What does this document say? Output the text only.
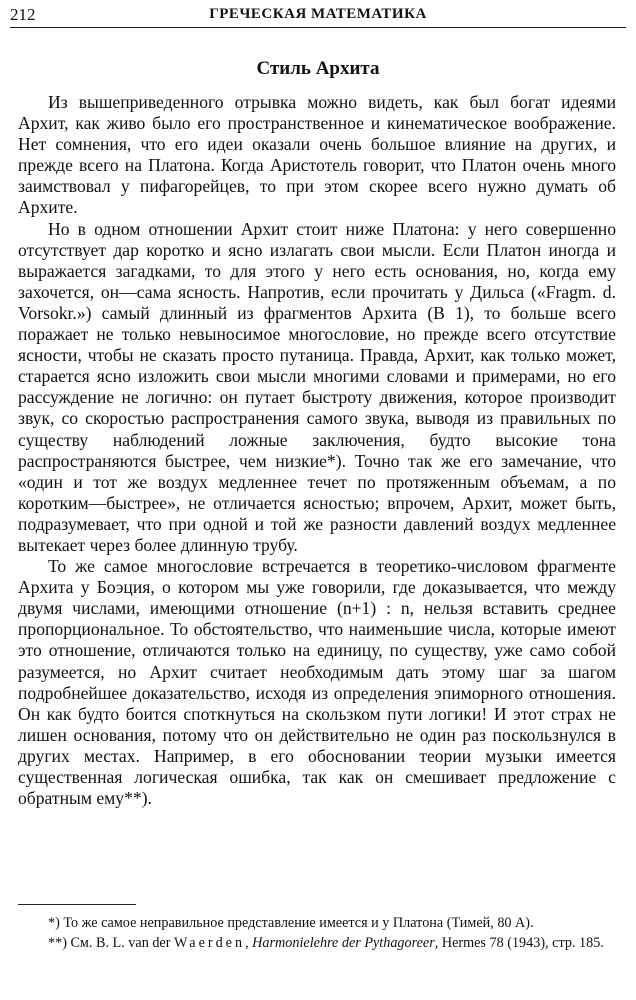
212	ГРЕЧЕСКАЯ МАТЕМАТИКА
Стиль Архита

Из вышеприведенного отрывка можно видеть, как был богат идеями Архит, как живо было его пространственное и кинематическое воображение. Нет сомнения, что его идеи оказали очень большое влияние на других, и прежде всего на Платона. Когда Аристотель говорит, что Платон очень много заимствовал у пифагорейцев, то при этом скорее всего нужно думать об Архите.

Но в одном отношении Архит стоит ниже Платона: у него совершенно отсутствует дар коротко и ясно излагать свои мысли. Если Платон иногда и выражается загадками, то для этого у него есть основания, но, когда ему захочется, он—сама ясность. Напротив, если прочитать у Дильса («Fragm. d. Vorsokr.») самый длинный из фрагментов Архита (B 1), то больше всего поражает не только невыносимое многословие, но прежде всего отсутствие ясности, чтобы не сказать просто путаница. Правда, Архит, как только может, старается ясно изложить свои мысли многими словами и примерами, но его рассуждение не логично: он путает быстроту движения, которое производит звук, со скоростью распространения самого звука, выводя из правильных по существу наблюдений ложные заключения, будто высокие тона распространяются быстрее, чем низкие*). Точно так же его замечание, что «один и тот же воздух медленнее течет по протяженным объемам, а по коротким—быстрее», не отличается ясностью; впрочем, Архит, может быть, подразумевает, что при одной и той же разности давлений воздух медленнее вытекает через более длинную трубу.

То же самое многословие встречается в теоретико-числовом фрагменте Архита у Боэция, о котором мы уже говорили, где доказывается, что между двумя числами, имеющими отношение (n+1) : n, нельзя вставить среднее пропорциональное. То обстоятельство, что наименьшие числа, которые имеют это отношение, отличаются только на единицу, по существу, уже само собой разумеется, но Архит считает необходимым дать этому шаг за шагом подробнейшее доказательство, исходя из определения эпиморного отношения. Он как будто боится споткнуться на скользком пути логики! И этот страх не лишен основания, потому что он действительно не один раз поскользнулся в других местах. Например, в его обосновании теории музыки имеется существенная логическая ошибка, так как он смешивает предложение с обратным ему**).

*) То же самое неправильное представление имеется и у Платона (Тимей, 80 A).

**) См. B. L. van der Waerden, Harmonielehre der Pythagoreer, Hermes 78 (1943), стр. 185.
